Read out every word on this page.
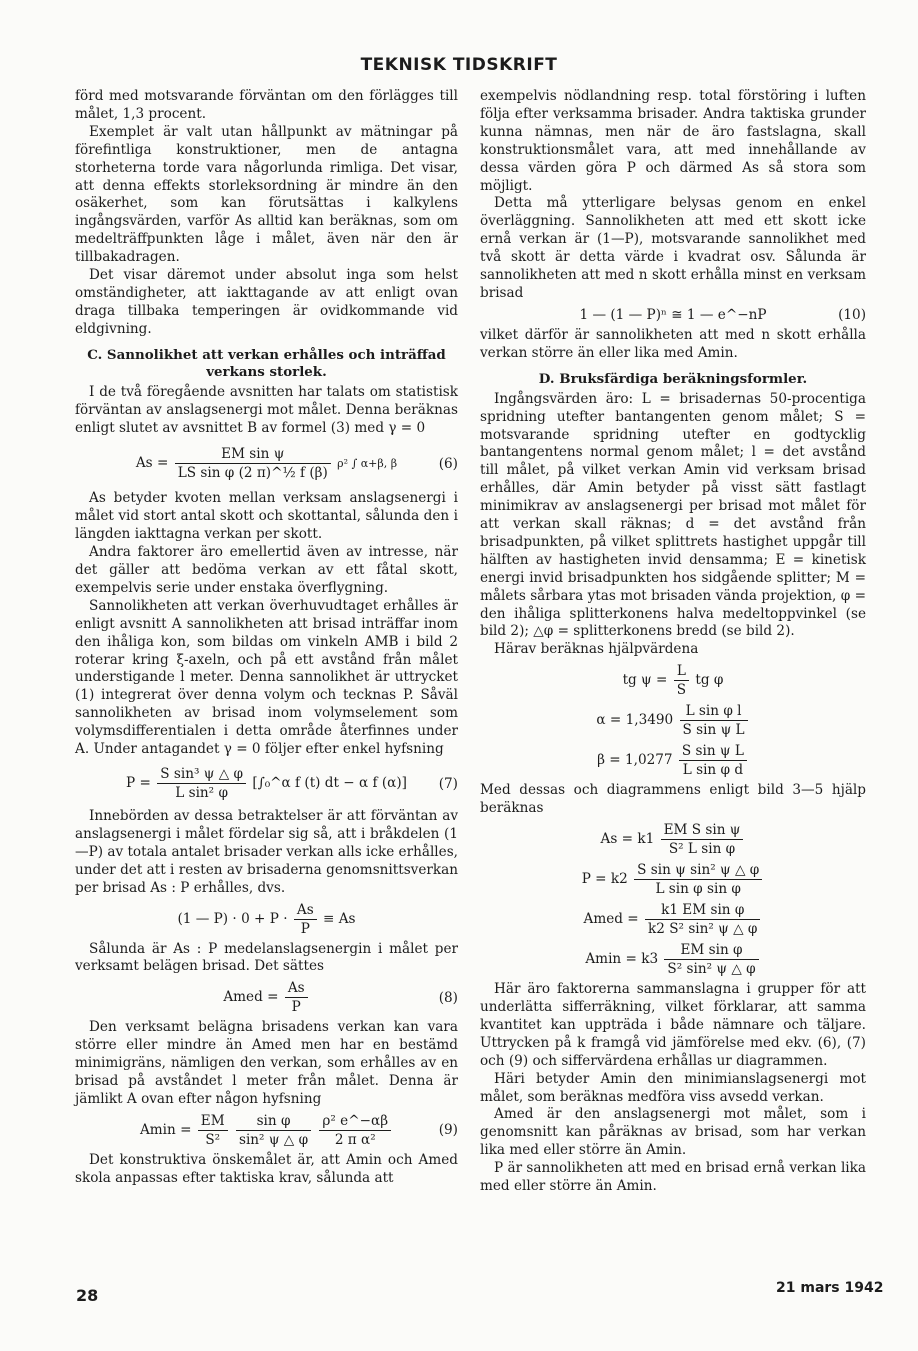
TEKNISK TIDSKRIFT

förd med motsvarande förväntan om den förlägges till målet, 1,3 procent.

Exemplet är valt utan hållpunkt av mätningar på förefintliga konstruktioner, men de antagna storheterna torde vara någorlunda rimliga. Det visar, att denna effekts storleksordning är mindre än den osäkerhet, som kan förutsättas i kalkylens ingångsvärden, varför As alltid kan beräknas, som om medelträffpunkten låge i målet, även när den är tillbakadragen.

Det visar däremot under absolut inga som helst omständigheter, att iakttagande av att enligt ovan draga tillbaka temperingen är ovidkommande vid eldgivning.

C. Sannolikhet att verkan erhålles och inträffad verkans storlek.

I de två föregående avsnitten har talats om statistisk förväntan av anslagsenergi mot målet. Denna beräknas enligt slutet av avsnittet B av formel (3) med γ = 0

$As = \frac{\text{EM sin ψ}}{\text{LS sin φ (2 π)\textasciicircum{}½ f (β)}} \rho^2$ ∫ α+β, β	(6)

As betyder kvoten mellan verksam anslagsenergi i målet vid stort antal skott och skottantal, sålunda den i längden iakttagna verkan per skott.

Andra faktorer äro emellertid även av intresse, när det gäller att bedöma verkan av ett fåtal skott, exempelvis serie under enstaka överflygning.

Sannolikheten att verkan överhuvudtaget erhålles är enligt avsnitt A sannolikheten att brisad inträffar inom den ihåliga kon, som bildas om vinkeln AMB i bild 2 roterar kring ξ-axeln, och på ett avstånd från målet understigande l meter. Denna sannolikhet är uttrycket (1) integrerat över denna volym och tecknas P. Såväl sannolikheten av brisad inom volymselement som volymsdifferentialen i detta område återfinnes under A. Under antagandet γ = 0 följer efter enkel hyfsning

$P = \frac{\text{S sin³ ψ △ φ}}{\text{L sin² φ}}$ [∫₀^α f (t) dt − α f (α)] (7)

Innebörden av dessa betraktelser är att förväntan av anslagsenergi i målet fördelar sig så, att i bråkdelen (1—P) av totala antalet brisader verkan alls icke erhålles, under det att i resten av brisaderna genomsnittsverkan per brisad As : P erhålles, dvs.

(1 — $P) \cdot 0 + P \cdot \frac{As}{P} \equiv As$

Sålunda är As : P medelanslagsenergin i målet per verksamt belägen brisad. Det sättes

Amed = $\frac{As}{P}$	(8)

Den verksamt belägna brisadens verkan kan vara större eller mindre än Amed men har en bestämd minimigräns, nämligen den verkan, som erhålles av en brisad på avståndet l meter från målet. Denna är jämlikt A ovan efter någon hyfsning

$Amin = \frac{EM}{\text{S²}}$
$\frac{\text{sin φ}}{\text{sin² ψ △ φ}}$
$\frac{\text{ρ² e\textasciicircum{}−αβ}}{\text{2 π α²}}$	(9)

Det konstruktiva önskemålet är, att Amin och Amed skola anpassas efter taktiska krav, sålunda att

exempelvis nödlandning resp. total förstöring i luften följa efter verksamma brisader. Andra taktiska grunder kunna nämnas, men när de äro fastslagna, skall konstruktionsmålet vara, att med innehållande av dessa värden göra P och därmed As så stora som möjligt.

Detta må ytterligare belysas genom en enkel överläggning. Sannolikheten att med ett skott icke ernå verkan är (1—P), motsvarande sannolikhet med två skott är detta värde i kvadrat osv. Sålunda är sannolikheten att med n skott erhålla minst en verksam brisad

1 — (1 — P)ⁿ ≅ 1 — e^−nP	(10)

vilket därför är sannolikheten att med n skott erhålla verkan större än eller lika med Amin.

D. Bruksfärdiga beräkningsformler.

Ingångsvärden äro: L = brisadernas 50-procentiga spridning utefter bantangenten genom målet; S = motsvarande spridning utefter en godtycklig bantangentens normal genom målet; l = det avstånd till målet, på vilket verkan Amin vid verksam brisad erhålles, där Amin betyder på visst sätt fastlagt minimikrav av anslagsenergi per brisad mot målet för att verkan skall räknas; d = det avstånd från brisadpunkten, på vilket splittrets hastighet uppgår till hälften av hastigheten invid densamma; E = kinetisk energi invid brisadpunkten hos sidgående splitter; M = målets sårbara ytas mot brisaden vända projektion, φ = den ihåliga splitterkonens halva medeltoppvinkel (se bild 2); △φ = splitterkonens bredd (se bild 2).

Härav beräknas hjälpvärdena

tg $\psi = \frac{L}{S}$ tg φ
$\alpha = 1,3490 \frac{\text{L sin φ l}}{\text{S sin ψ L}}$
$\beta = 1,0277 \frac{\text{S sin ψ L}}{\text{L sin φ d}}$

Med dessas och diagrammens enligt bild 3—5 hjälp beräknas

$As = k1 \frac{\text{EM S sin ψ}}{\text{S² L sin φ}}$
$P = k2 \frac{\text{S sin ψ sin² ψ △ φ}}{\text{L sin φ sin φ}}$
Amed = $\frac{\text{k1 EM sin φ}}{\text{k2 S² sin² ψ △ φ}}$
$Amin = k3 \frac{\text{EM sin φ}}{\text{S² sin² ψ △ φ}}$

Här äro faktorerna sammanslagna i grupper för att underlätta sifferräkning, vilket förklarar, att samma kvantitet kan uppträda i både nämnare och täljare. Uttrycken på k framgå vid jämförelse med ekv. (6), (7) och (9) och siffervärdena erhållas ur diagrammen.

Häri betyder Amin den minimianslagsenergi mot målet, som beräknas medföra viss avsedd verkan.

Amed är den anslagsenergi mot målet, som i genomsnitt kan påräknas av brisad, som har verkan lika med eller större än Amin.

P är sannolikheten att med en brisad ernå verkan lika med eller större än Amin.

28	21 mars 1942
